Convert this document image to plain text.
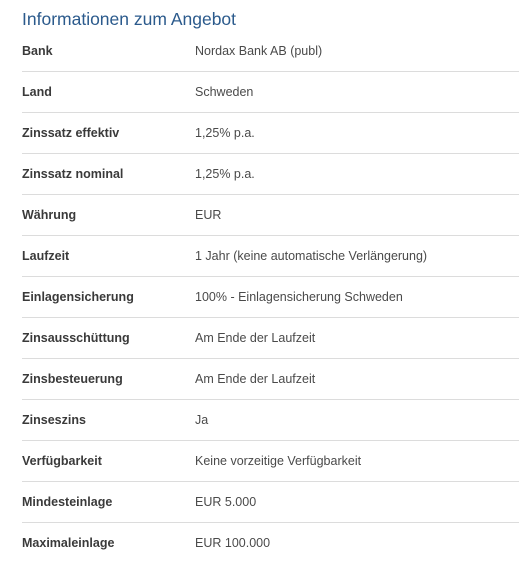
Informationen zum Angebot
Bank	Nordax Bank AB (publ)
Land	Schweden
Zinssatz effektiv	1,25% p.a.
Zinssatz nominal	1,25% p.a.
Währung	EUR
Laufzeit	1 Jahr (keine automatische Verlängerung)
Einlagensicherung	100% - Einlagensicherung Schweden
Zinsausschüttung	Am Ende der Laufzeit
Zinsbesteuerung	Am Ende der Laufzeit
Zinseszins	Ja
Verfügbarkeit	Keine vorzeitige Verfügbarkeit
Mindesteinlage	EUR 5.000
Maximaleinlage	EUR 100.000
